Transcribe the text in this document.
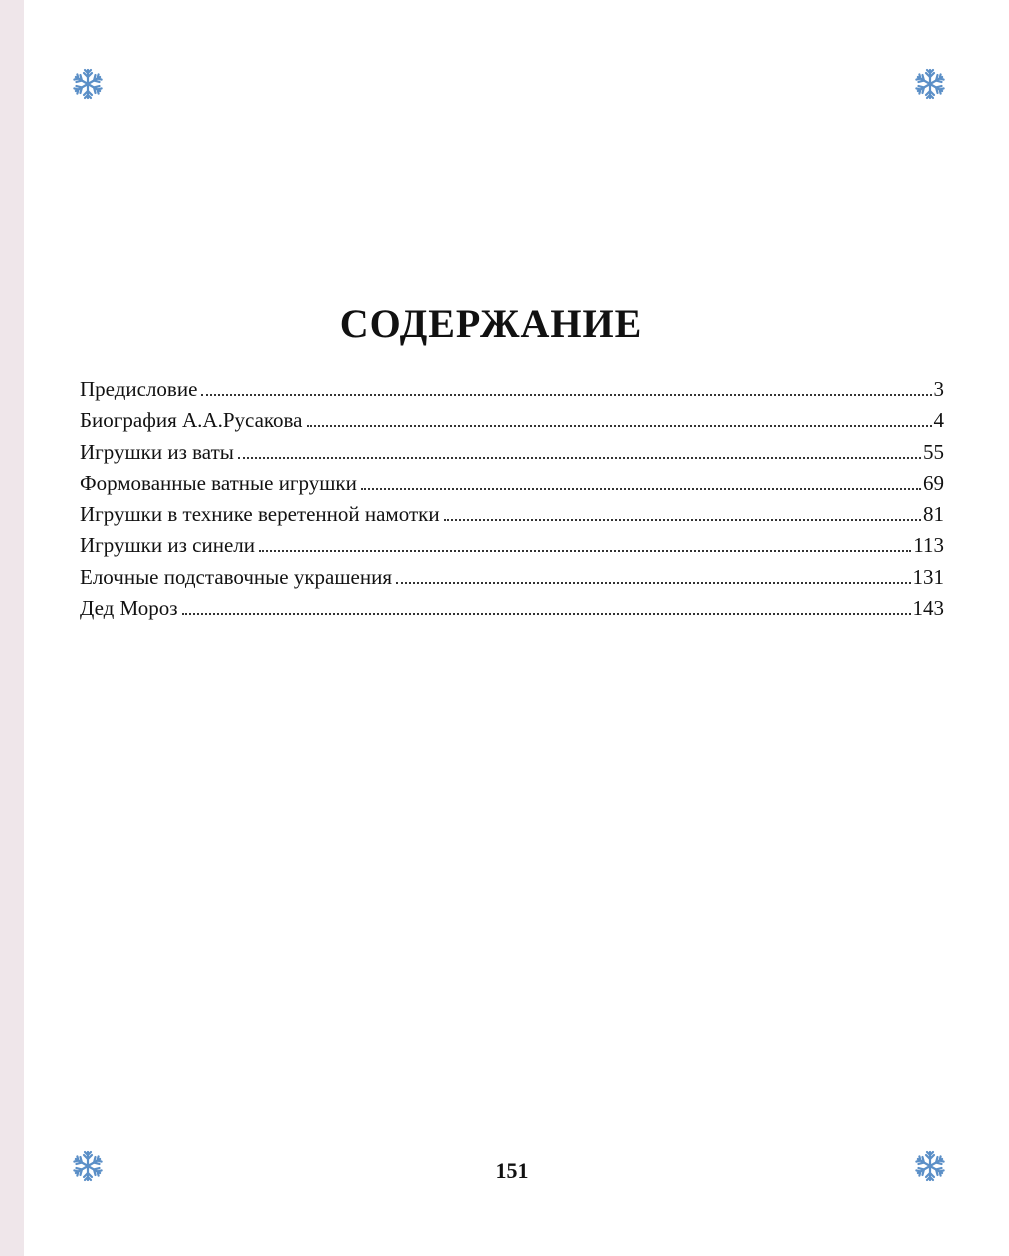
СОДЕРЖАНИЕ
Предисловие	3
Биография А.А.Русакова	4
Игрушки из ваты	55
Формованные ватные игрушки	69
Игрушки в технике веретенной намотки	81
Игрушки из синели	113
Елочные подставочные украшения	131
Дед Мороз	143
151
